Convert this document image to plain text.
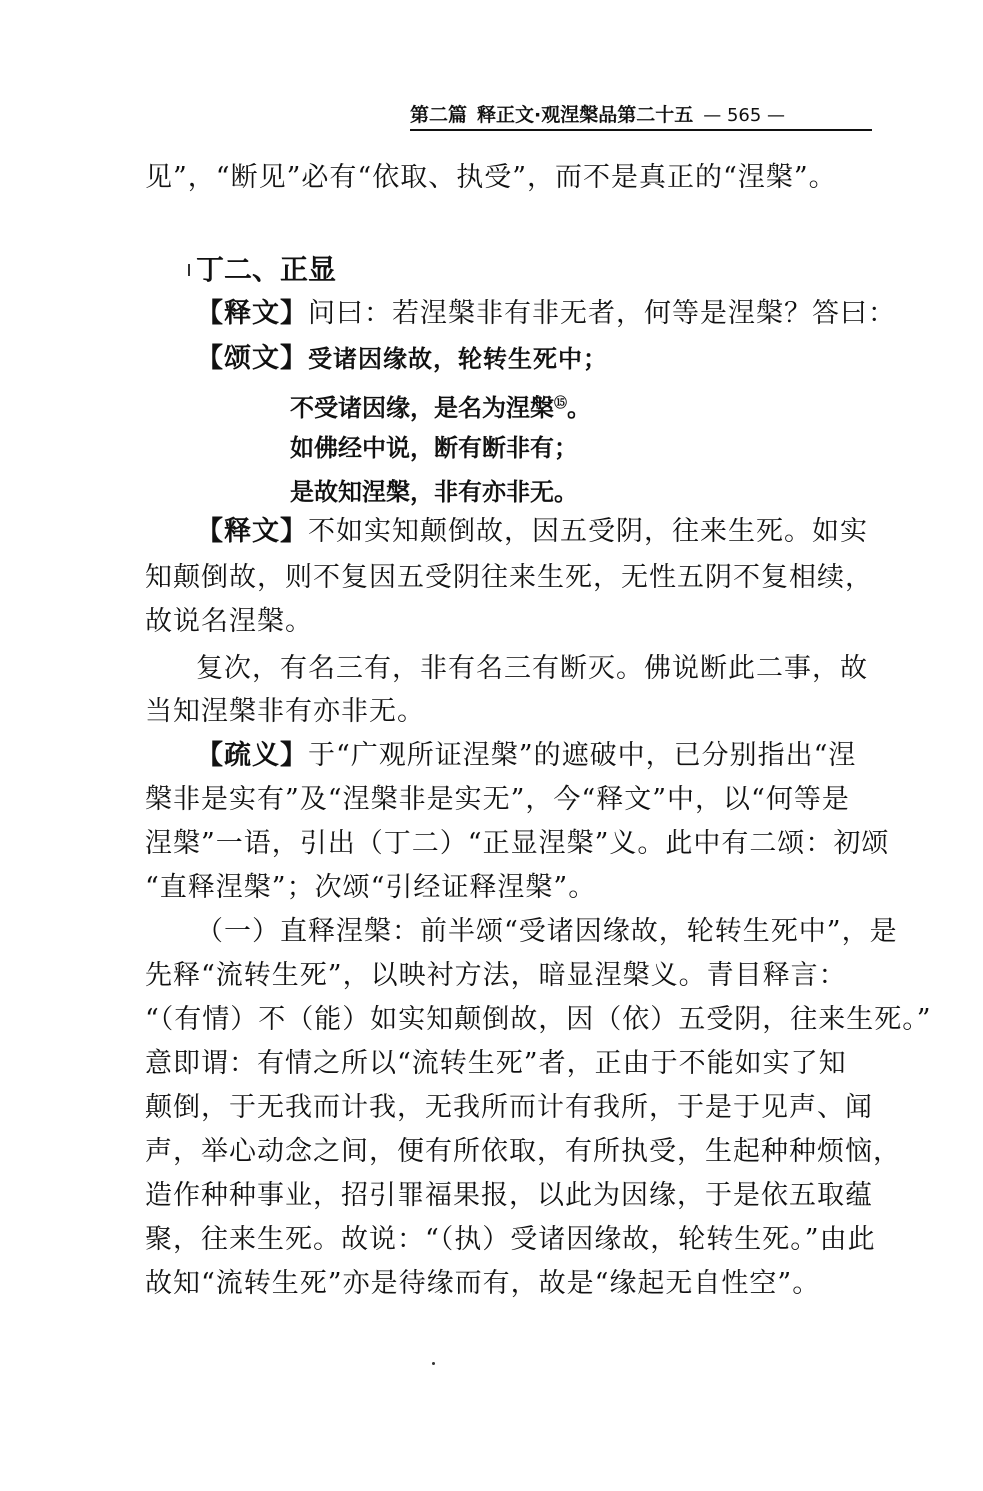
第二篇 释正文·观涅槃品第二十五 — 565 —
见”，“断见”必有“依取、执受”，而不是真正的“涅槃”。
丁二、正显
【释文】问曰：若涅槃非有非无者，何等是涅槃？答曰：
【颂文】受诸因缘故，轮转生死中；
不受诸因缘，是名为涅槃⑮。
如佛经中说，断有断非有；
是故知涅槃，非有亦非无。
【释文】不如实知颠倒故，因五受阴，往来生死。如实
知颠倒故，则不复因五受阴往来生死，无性五阴不复相续，
故说名涅槃。
复次，有名三有，非有名三有断灭。佛说断此二事，故
当知涅槃非有亦非无。
【疏义】于“广观所证涅槃”的遮破中，已分别指出“涅
槃非是实有”及“涅槃非是实无”，今“释文”中，以“何等是
涅槃”一语，引出（丁二）“正显涅槃”义。此中有二颂：初颂
“直释涅槃”；次颂“引经证释涅槃”。
（一）直释涅槃：前半颂“受诸因缘故，轮转生死中”，是
先释“流转生死”，以映衬方法，暗显涅槃义。青目释言：
“（有情）不（能）如实知颠倒故，因（依）五受阴，往来生死。”
意即谓：有情之所以“流转生死”者，正由于不能如实了知
颠倒，于无我而计我，无我所而计有我所，于是于见声、闻
声，举心动念之间，便有所依取，有所执受，生起种种烦恼，
造作种种事业，招引罪福果报，以此为因缘，于是依五取蕴
聚，往来生死。故说：“（执）受诸因缘故，轮转生死。”由此
故知“流转生死”亦是待缘而有，故是“缘起无自性空”。
